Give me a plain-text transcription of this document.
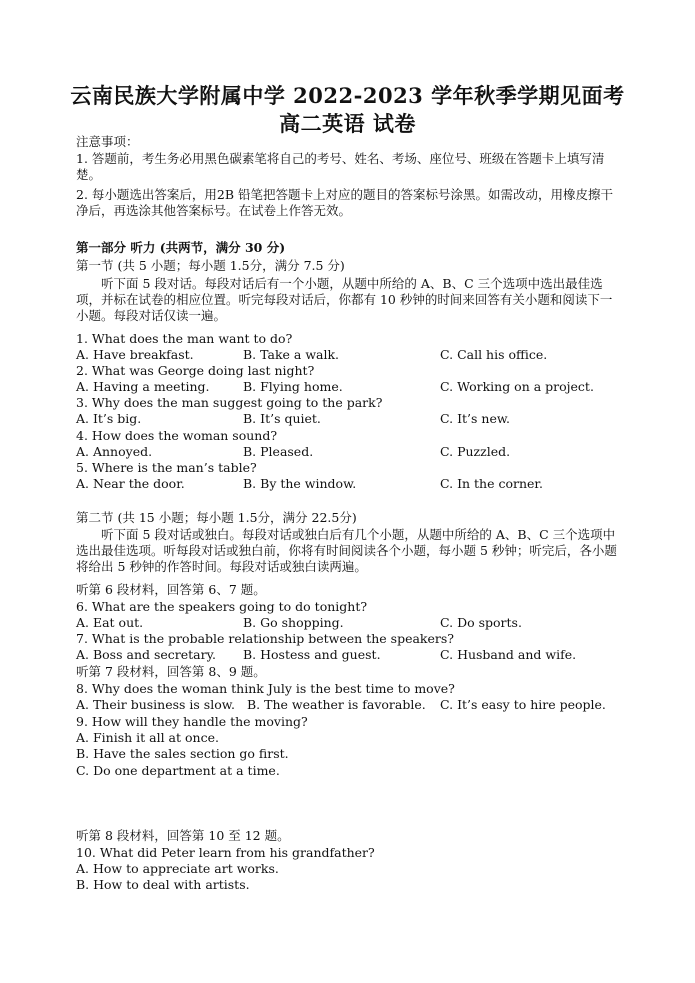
云南民族大学附属中学 2022-2023 学年秋季学期见面考
高二英语 试卷
注意事项：
1. 答题前，考生务必用黑色碳素笔将自己的考号、姓名、考场、座位号、班级在答题卡上填写清楚。
2. 每小题选出答案后，用2B 铅笔把答题卡上对应的题目的答案标号涂黑。如需改动，用橡皮擦干净后，再选涂其他答案标号。在试卷上作答无效。
第一部分 听力 (共两节，满分 30 分)
第一节 (共 5 小题；每小题 1.5分，满分 7.5 分)
听下面 5 段对话。每段对话后有一个小题，从题中所给的 A、B、C 三个选项中选出最佳选项，并标在试卷的相应位置。听完每段对话后，你都有 10 秒钟的时间来回答有关小题和阅读下一小题。每段对话仅读一遍。
1. What does the man want to do?
A. Have breakfast.	B. Take a walk.	C. Call his office.
2. What was George doing last night?
A. Having a meeting.	B. Flying home.	C. Working on a project.
3. Why does the man suggest going to the park?
A. It’s big.	B. It’s quiet.	C. It’s new.
4. How does the woman sound?
A. Annoyed.	B. Pleased.	C. Puzzled.
5. Where is the man’s table?
A. Near the door.	B. By the window.	C. In the corner.
第二节 (共 15 小题；每小题 1.5分，满分 22.5分)
听下面 5 段对话或独白。每段对话或独白后有几个小题，从题中所给的 A、B、C 三个选项中选出最佳选项。听每段对话或独白前，你将有时间阅读各个小题，每小题 5 秒钟；听完后，各小题将给出 5 秒钟的作答时间。每段对话或独白读两遍。
听第 6 段材料，回答第 6、7 题。
6. What are the speakers going to do tonight?
A. Eat out.	B. Go shopping.	C. Do sports.
7. What is the probable relationship between the speakers?
A. Boss and secretary. B. Hostess and guest.	C. Husband and wife.
听第 7 段材料，回答第 8、9 题。
8. Why does the woman think July is the best time to move?
A. Their business is slow. B. The weather is favorable. C. It’s easy to hire people.
9. How will they handle the moving?
A. Finish it all at once.
B. Have the sales section go first.
C. Do one department at a time.
听第 8 段材料，回答第 10 至 12 题。
10. What did Peter learn from his grandfather?
A. How to appreciate art works.
B. How to deal with artists.
